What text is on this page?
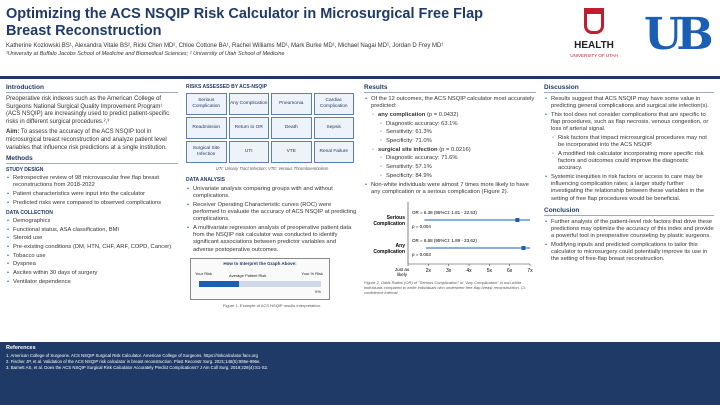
Optimizing the ACS NSQIP Risk Calculator in Microsurgical Free Flap Breast Reconstruction
Katherine Kozlowski BS¹, Alexandra Vitale BS², Ricki Chen MD², Chloe Cottone BA¹, Rachel Williams MD¹, Mark Burke MD¹, Michael Nagai MD¹, Jordan D Frey MD¹
¹University at Buffalo Jacobs School of Medicine and Biomedical Sciences; ² University of Utah School of Medicine
HEALTH
UNIVERSITY OF UTAH UB
Introduction
Preoperative risk indexes such as the American College of Surgeons National Surgical Quality Improvement Program¹ (ACS NSQIP) are increasingly used to predict patient-specific risks in different surgical procedures.²,³
Aim: To assess the accuracy of the ACS NSQIP tool in microsurgical breast reconstruction and analyze patient level variables that influence risk predictions at a single institution.
Methods
STUDY DESIGN
• Retrospective review of 98 microvascular free flap breast reconstructions from 2018-2022
• Patient characteristics were input into the calculator
• Predicted risks were compared to observed complications
DATA COLLECTION
• Demographics
• Functional status, ASA classification, BMI
• Steroid use
• Pre-existing conditions (DM, HTN, CHF, ARF, COPD, Cancer)
• Tobacco use
• Dyspnea
• Ascites within 30 days of surgery
• Ventilator dependence
RISKS ASSESSED BY ACS-NSQIP
Serious Complication
Any Complication	Pneumonia
Cardiac Complication
Readmission	Return to OR	Death	Sepsis
Surgical Site Infection
UTI	VTE	Renal Failure
UTI: Urinary Tract Infection; VTE: Venous Thromboembolism
DATA ANALYSIS
• Univariate analysis comparing groups with and without complications.
• Receiver Operating Characteristic curves (ROC) were performed to evaluate the accuracy of ACS NSQIP at predicting complications.
• A multivariate regression analysis of preoperative patient data from the NSQIP risk calculator was conducted to identify significant associations between predictor variables and adverse postoperative outcomes.
How to Interpret the Graph Above:
Your Risk	Average Patient Risk	Your % Risk
X%
Figure 1. Example of ACS NSQIP results interpretation.
Results
• Of the 12 outcomes, the ACS NSQIP calculator most accurately predicted:
◦ any complication (p = 0.0432)
◦ Diagnostic accuracy: 63.1%
◦ Sensitivity: 61.3%
◦ Specificity: 71.0%
◦ surgical site infection (p = 0.0216)
◦ Diagnostic accuracy: 71.6%
◦ Sensitivity: 57.1%
◦ Specificity: 84.9%
• Non-white individuals were almost 7 times more likely to have any complication or a serious complication (Figure 2).
Just as
likely
2x	3x	4x	5x	6x	7x
Serious
Complication
OR = 6.38 (95%CI: 1.81 - 22.53)
p = 0.004
Any
Complication
OR = 6.68 (95%CI: 1.89 - 23.62)
p = 0.003
Figure 2. Odds Ratios (OR) of "Serious Complication" or "Any Complication" in non-white individuals compared to white individuals who underwent free-flap breast reconstruction. CI: confidence interval.
Discussion
• Results suggest that ACS NSQIP may have some value in predicting general complications and surgical site infection(s).
• This tool does not consider complications that are specific to flap procedures, such as flap necrosis, venous congestion, or loss of arterial signal.
◦ Risk factors that impact microsurgical procedures may not be incorporated into the ACS NSQIP.
◦ A modified risk calculator incorporating more specific risk factors and outcomes could improve the diagnostic accuracy.
• Systemic inequities in risk factors or access to care may be influencing complication rates; a larger study further investigating the relationship between these variables in the setting of free flap procedures would be beneficial.
Conclusion
• Further analysis of the patient-level risk factors that drive these predictions may optimize the accuracy of this index and provide a powerful tool in preoperative counseling by plastic surgeons.
• Modifying inputs and predicted complications to tailor this calculator to microsurgery could potentially improve its use in the setting of free-flap breast reconstruction.
References
1. American College of Surgeons. ACS NSQIP Surgical Risk Calculator. American College of Surgeons. https://riskcalculator.facs.org
2. Fischer JP, et al. Validation of the ACS NSQIP risk calculator in breast reconstruction. Plast Reconstr Surg. 2021;148(5):985e-996e.
3. Barnett AS, et al. Does the ACS NSQIP Surgical Risk Calculator Accurately Predict Complications? J Am Coll Surg. 2019;228(4):S1-S2.
